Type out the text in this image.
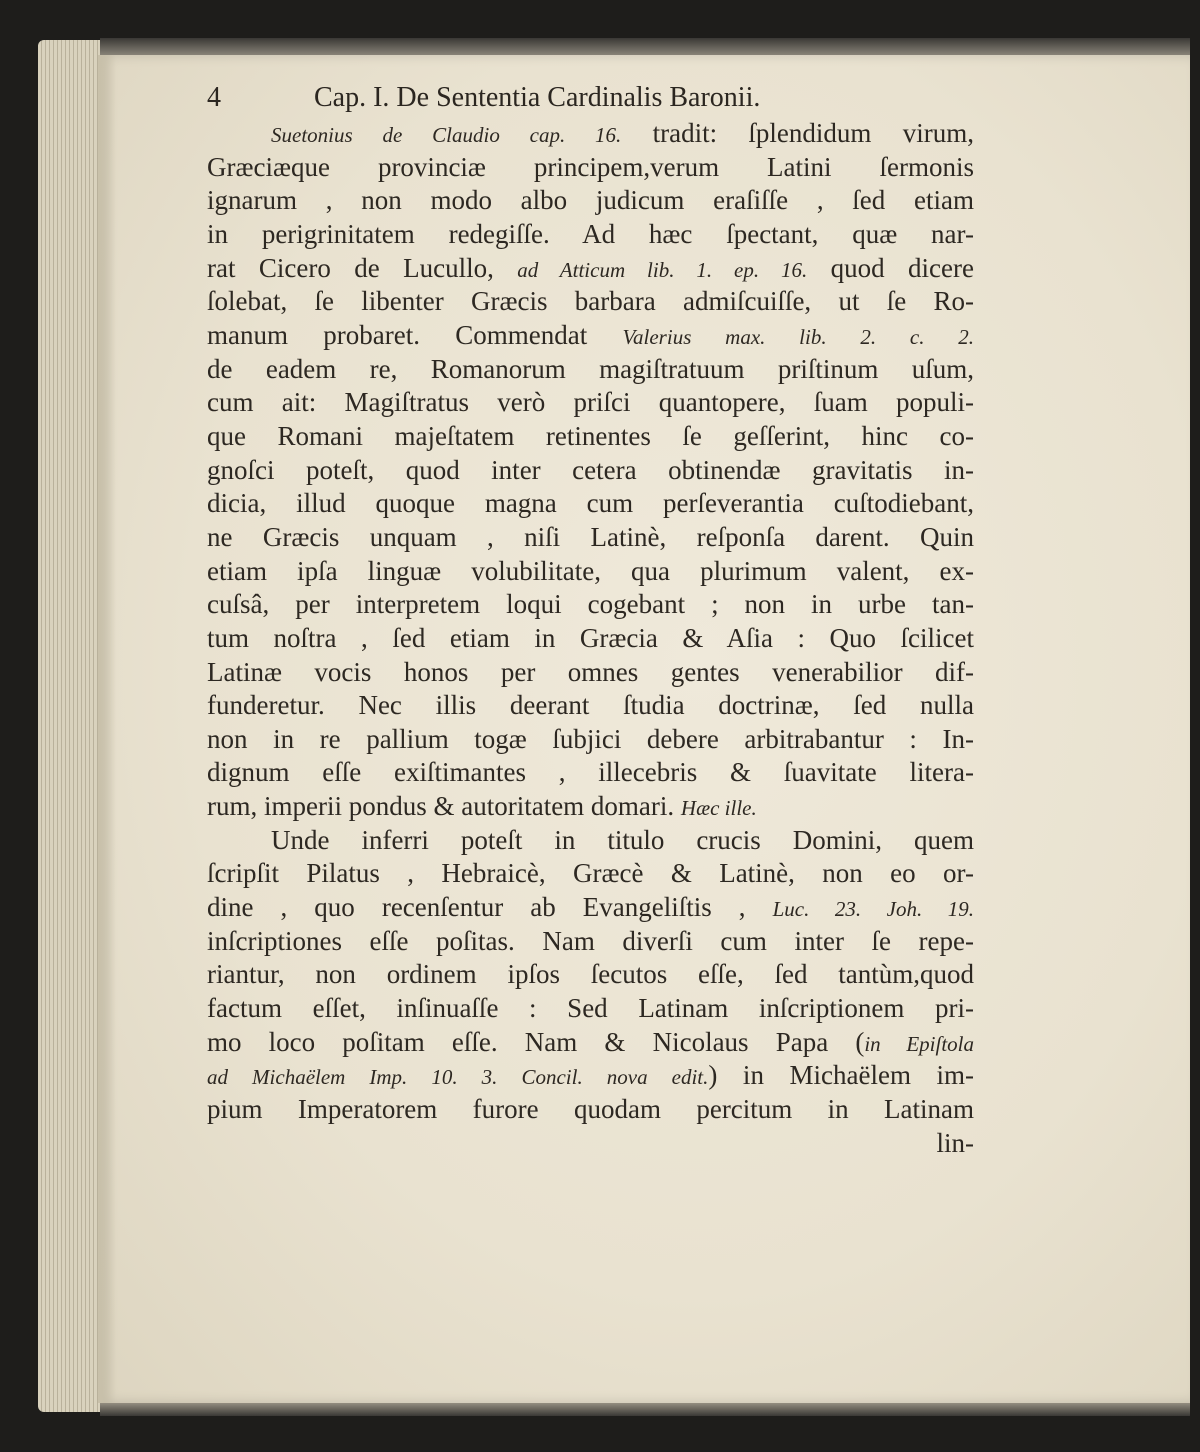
4	Cap. I. De Sententia Cardinalis Baronii.
Suetonius de Claudio cap. 16. tradit: ſplendidum virum,
Græciæque provinciæ principem,verum Latini ſermonis
ignarum , non modo albo judicum eraſiſſe , ſed etiam
in perigrinitatem redegiſſe. Ad hæc ſpectant, quæ nar-
rat Cicero de Lucullo, ad Atticum lib. 1. ep. 16. quod dicere
ſolebat, ſe libenter Græcis barbara admiſcuiſſe, ut ſe Ro-
manum probaret. Commendat Valerius max. lib. 2. c. 2.
de eadem re, Romanorum magiſtratuum priſtinum uſum,
cum ait: Magiſtratus verò priſci quantopere, ſuam populi-
que Romani majeſtatem retinentes ſe geſſerint, hinc co-
gnoſci poteſt, quod inter cetera obtinendæ gravitatis in-
dicia, illud quoque magna cum perſeverantia cuſtodiebant,
ne Græcis unquam , niſi Latinè, reſponſa darent. Quin
etiam ipſa linguæ volubilitate, qua plurimum valent, ex-
cuſsâ, per interpretem loqui cogebant ; non in urbe tan-
tum noſtra , ſed etiam in Græcia & Aſia : Quo ſcilicet
Latinæ vocis honos per omnes gentes venerabilior dif-
funderetur. Nec illis deerant ſtudia doctrinæ, ſed nulla
non in re pallium togæ ſubjici debere arbitrabantur : In-
dignum eſſe exiſtimantes , illecebris & ſuavitate litera-
rum, imperii pondus & autoritatem domari. Hæc ille.
Unde inferri poteſt in titulo crucis Domini, quem
ſcripſit Pilatus , Hebraicè, Græcè & Latinè, non eo or-
dine , quo recenſentur ab Evangeliſtis , Luc. 23. Joh. 19.
inſcriptiones eſſe poſitas. Nam diverſi cum inter ſe repe-
riantur, non ordinem ipſos ſecutos eſſe, ſed tantùm,quod
factum eſſet, inſinuaſſe : Sed Latinam inſcriptionem pri-
mo loco poſitam eſſe. Nam & Nicolaus Papa (in Epiſtola
ad Michaëlem Imp. 10. 3. Concil. nova edit.) in Michaëlem im-
pium Imperatorem furore quodam percitum in Latinam
lin-
